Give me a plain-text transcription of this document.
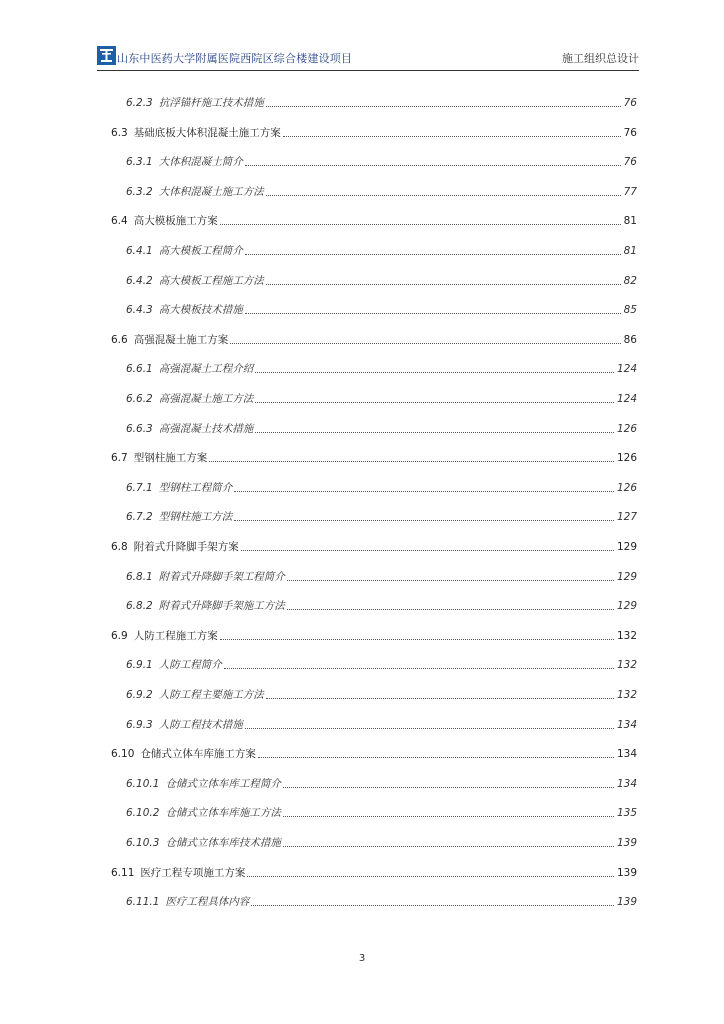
山东中医药大学附属医院西院区综合楼建设项目	施工组织总设计
6.2.3 抗浮锚杆施工技术措施	76
6.3 基础底板大体积混凝土施工方案	76
6.3.1 大体积混凝土简介	76
6.3.2 大体积混凝土施工方法	77
6.4 高大模板施工方案	81
6.4.1 高大模板工程简介	81
6.4.2 高大模板工程施工方法	82
6.4.3 高大模板技术措施	85
6.6 高强混凝土施工方案	86
6.6.1 高强混凝土工程介绍	124
6.6.2 高强混凝土施工方法	124
6.6.3 高强混凝土技术措施	126
6.7 型钢柱施工方案	126
6.7.1 型钢柱工程简介	126
6.7.2 型钢柱施工方法	127
6.8 附着式升降脚手架方案	129
6.8.1 附着式升降脚手架工程简介	129
6.8.2 附着式升降脚手架施工方法	129
6.9 人防工程施工方案	132
6.9.1 人防工程简介	132
6.9.2 人防工程主要施工方法	132
6.9.3 人防工程技术措施	134
6.10 仓储式立体车库施工方案	134
6.10.1 仓储式立体车库工程简介	134
6.10.2 仓储式立体车库施工方法	135
6.10.3 仓储式立体车库技术措施	139
6.11 医疗工程专项施工方案	139
6.11.1 医疗工程具体内容	139
3
